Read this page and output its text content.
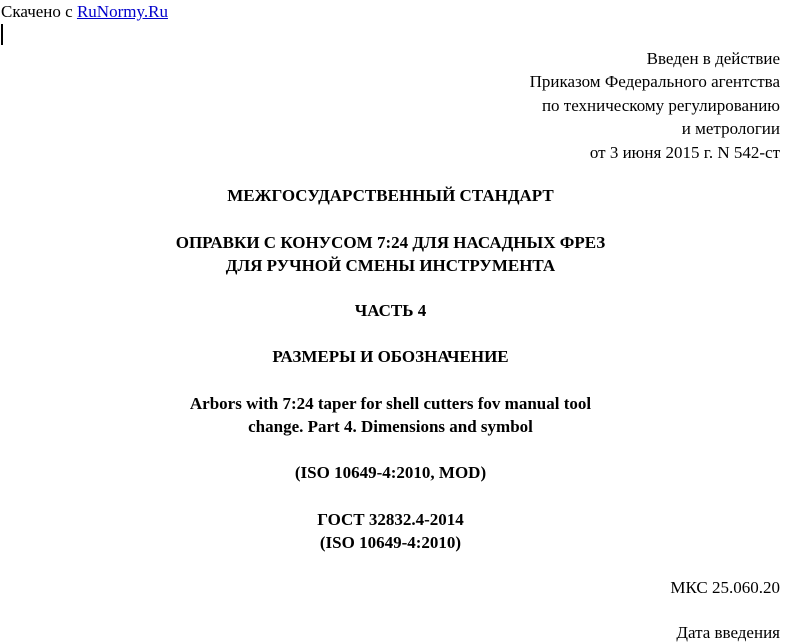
Скачено с RuNormy.Ru
Введен в действие
Приказом Федерального агентства
по техническому регулированию
и метрологии
от 3 июня 2015 г. N 542-ст
МЕЖГОСУДАРСТВЕННЫЙ СТАНДАРТ
ОПРАВКИ С КОНУСОМ 7:24 ДЛЯ НАСАДНЫХ ФРЕЗ
ДЛЯ РУЧНОЙ СМЕНЫ ИНСТРУМЕНТА
ЧАСТЬ 4
РАЗМЕРЫ И ОБОЗНАЧЕНИЕ
Arbors with 7:24 taper for shell cutters fov manual tool
change. Part 4. Dimensions and symbol
(ISO 10649-4:2010, MOD)
ГОСТ 32832.4-2014
(ISO 10649-4:2010)
МКС 25.060.20
Дата введения
